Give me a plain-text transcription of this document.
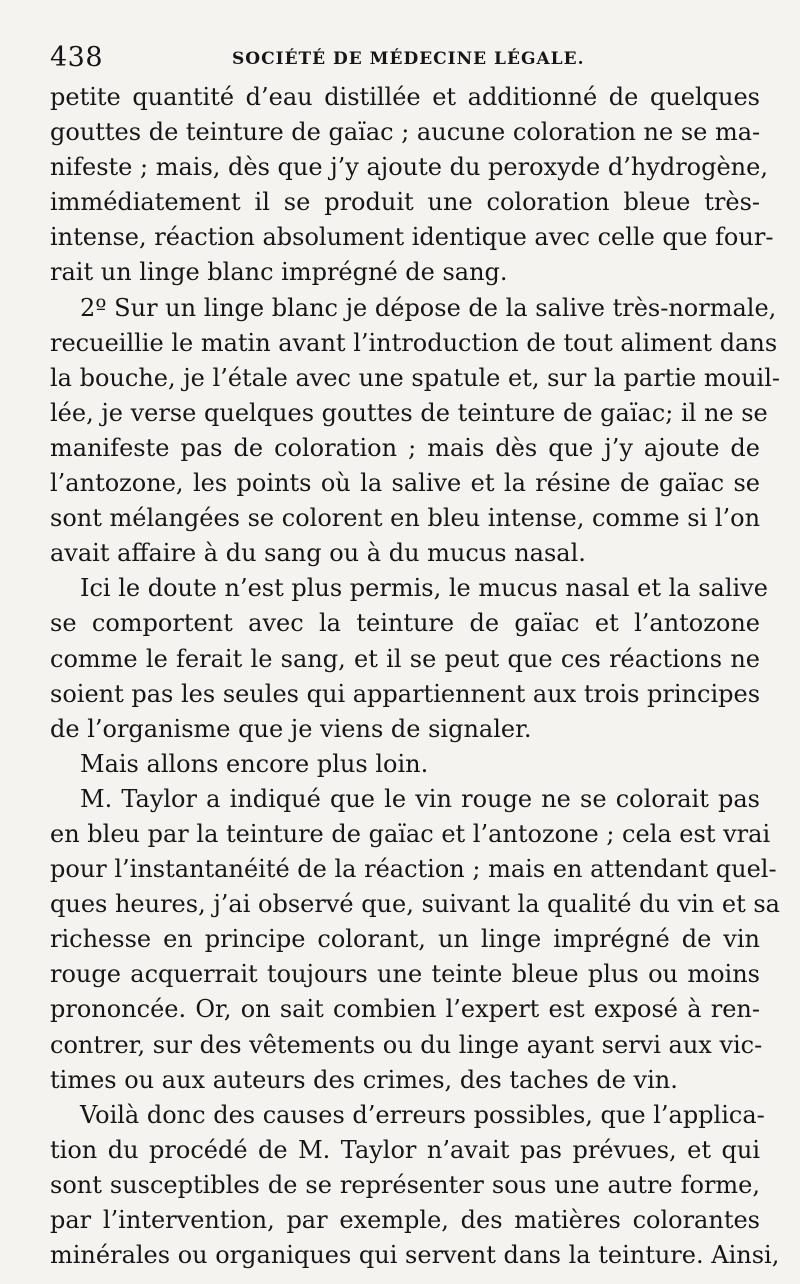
438	SOCIÉTÉ DE MÉDECINE LÉGALE.
petite quantité d’eau distillée et additionné de quelques
gouttes de teinture de gaïac ; aucune coloration ne se ma-
nifeste ; mais, dès que j’y ajoute du peroxyde d’hydrogène,
immédiatement il se produit une coloration bleue très-
intense, réaction absolument identique avec celle que four-
rait un linge blanc imprégné de sang.
2º Sur un linge blanc je dépose de la salive très-normale,
recueillie le matin avant l’introduction de tout aliment dans
la bouche, je l’étale avec une spatule et, sur la partie mouil-
lée, je verse quelques gouttes de teinture de gaïac; il ne se
manifeste pas de coloration ; mais dès que j’y ajoute de
l’antozone, les points où la salive et la résine de gaïac se
sont mélangées se colorent en bleu intense, comme si l’on
avait affaire à du sang ou à du mucus nasal.
Ici le doute n’est plus permis, le mucus nasal et la salive
se comportent avec la teinture de gaïac et l’antozone
comme le ferait le sang, et il se peut que ces réactions ne
soient pas les seules qui appartiennent aux trois principes
de l’organisme que je viens de signaler.
Mais allons encore plus loin.
M. Taylor a indiqué que le vin rouge ne se colorait pas
en bleu par la teinture de gaïac et l’antozone ; cela est vrai
pour l’instantanéité de la réaction ; mais en attendant quel-
ques heures, j’ai observé que, suivant la qualité du vin et sa
richesse en principe colorant, un linge imprégné de vin
rouge acquerrait toujours une teinte bleue plus ou moins
prononcée. Or, on sait combien l’expert est exposé à ren-
contrer, sur des vêtements ou du linge ayant servi aux vic-
times ou aux auteurs des crimes, des taches de vin.
Voilà donc des causes d’erreurs possibles, que l’applica-
tion du procédé de M. Taylor n’avait pas prévues, et qui
sont susceptibles de se représenter sous une autre forme,
par l’intervention, par exemple, des matières colorantes
minérales ou organiques qui servent dans la teinture. Ainsi,
